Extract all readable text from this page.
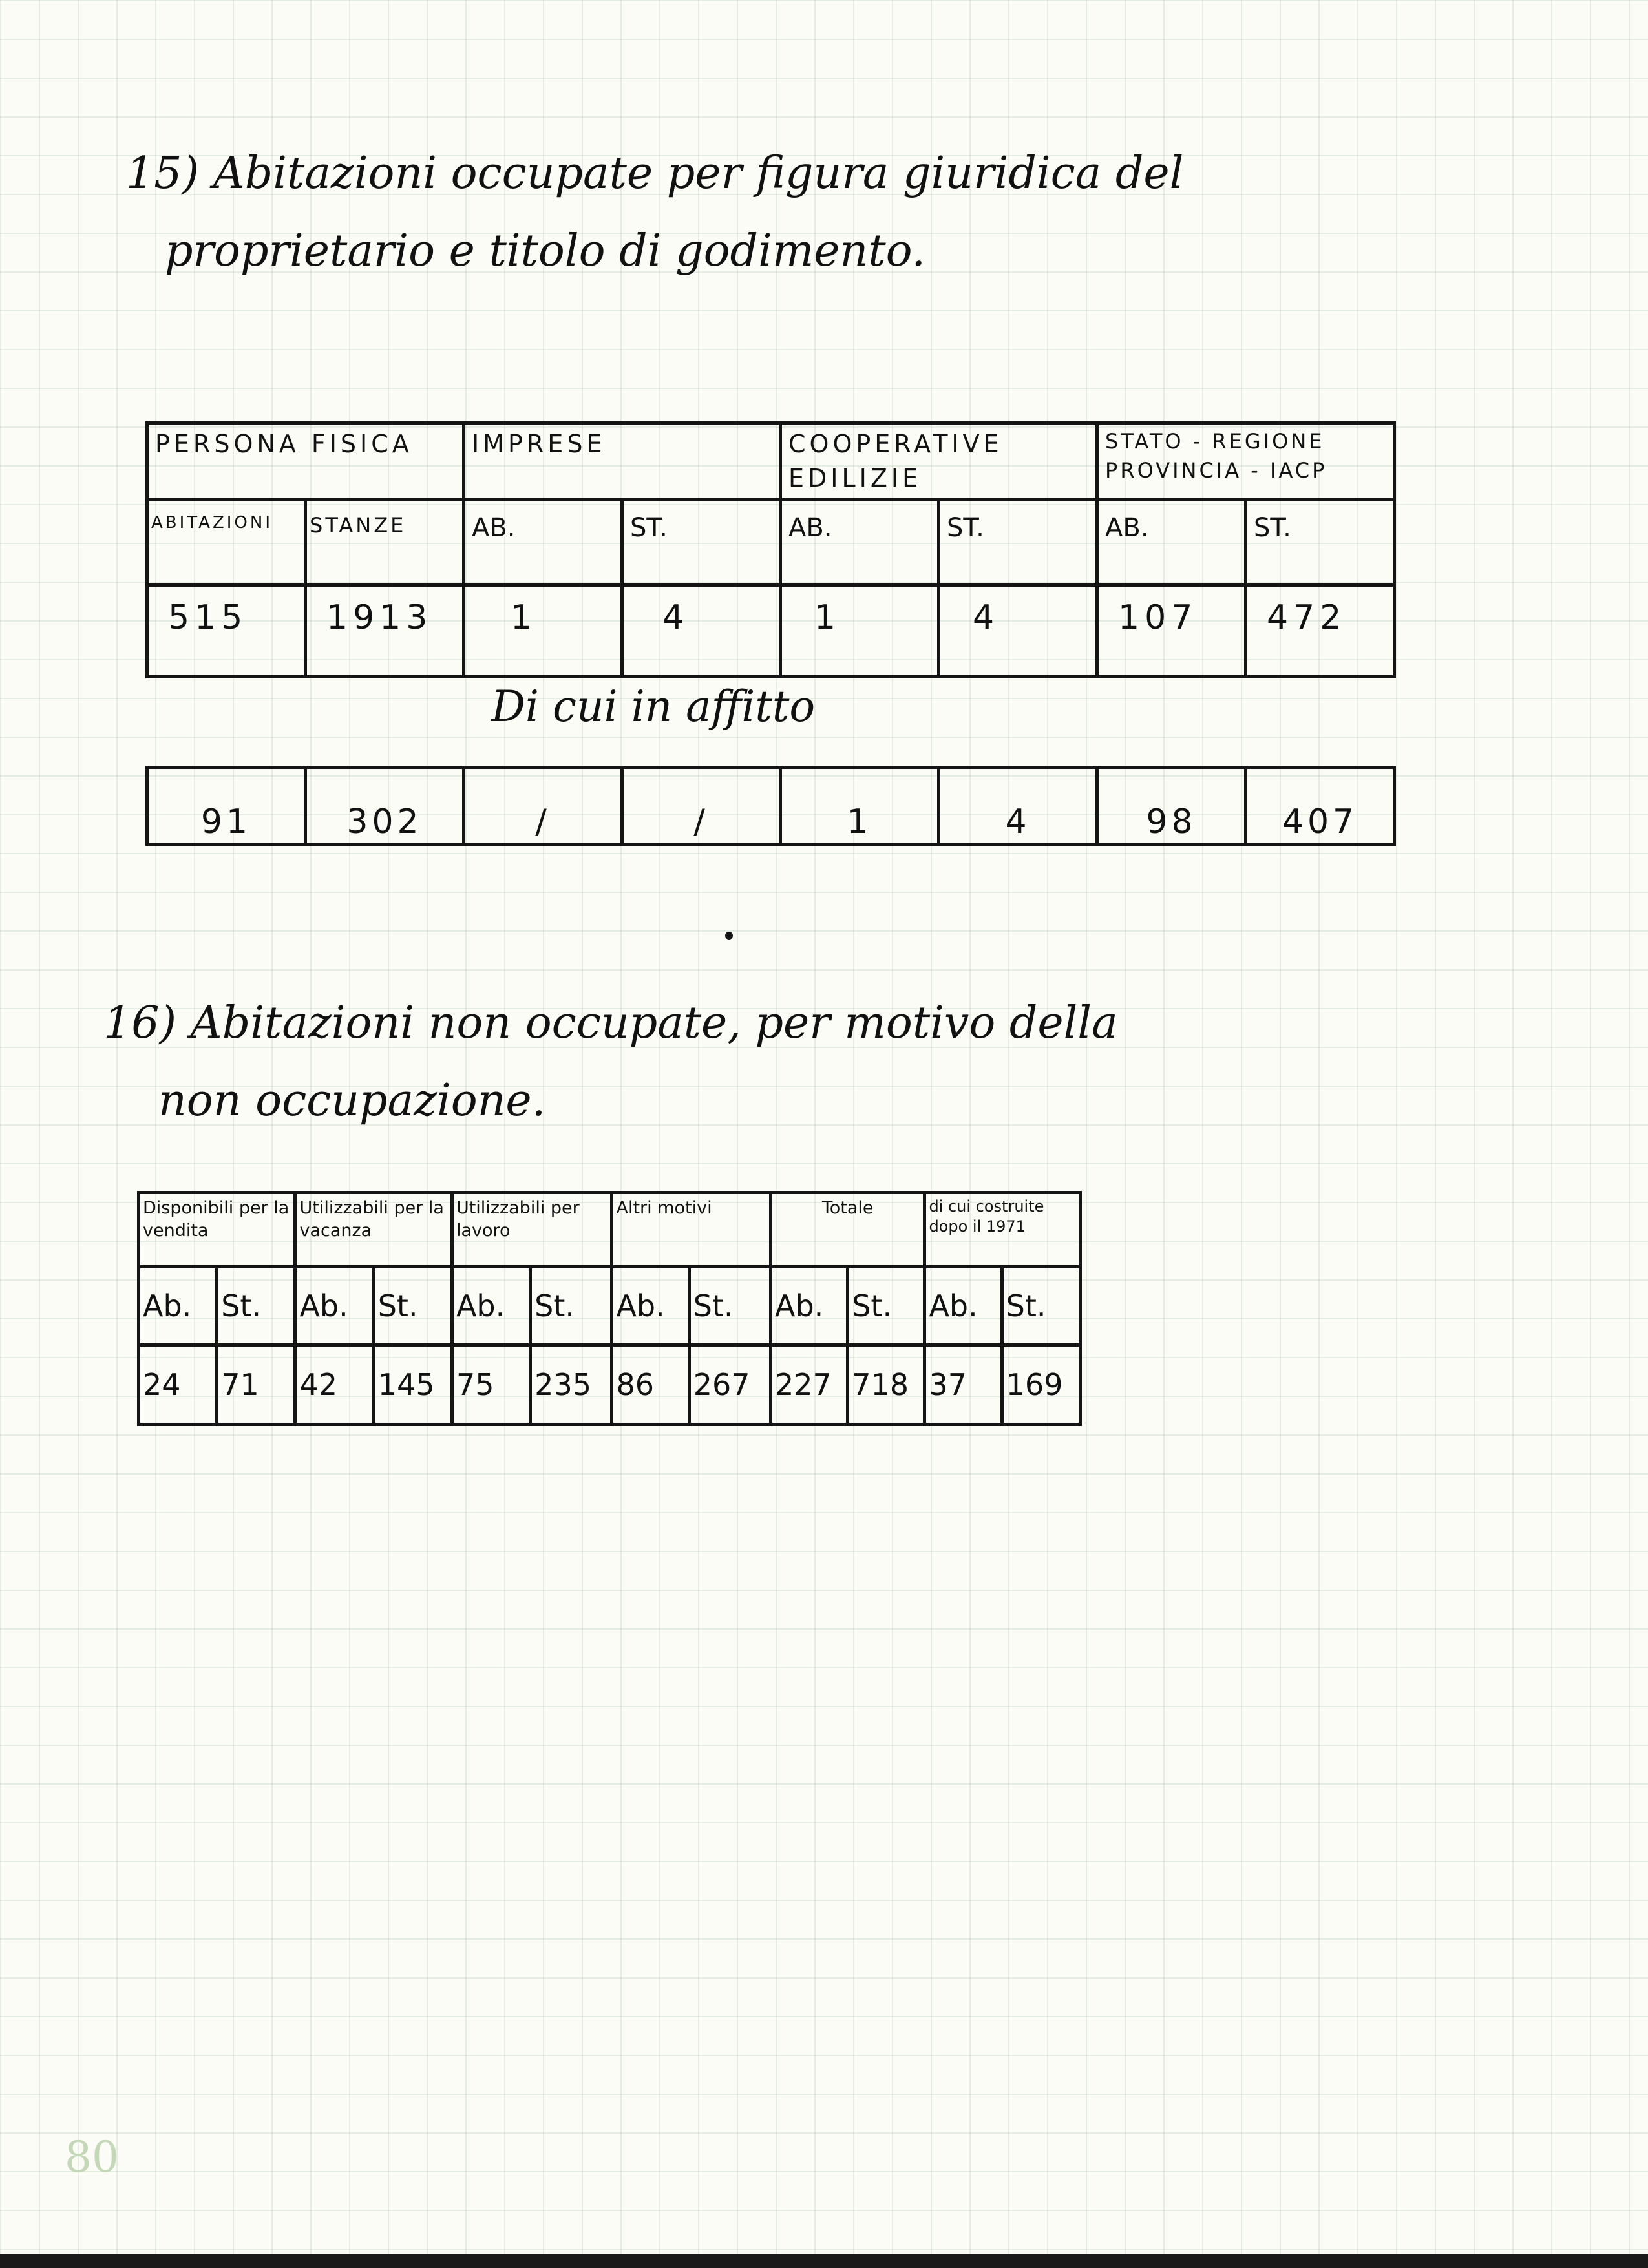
15) Abitazioni occupate per figura giuridica del

proprietario e titolo di godimento.

PERSONA FISICA		IMPRESE		COOPERATIVE EDILIZIE		STATO - REGIONE PROVINCIA - IACP	
ABITAZIONI	STANZE	AB.	ST.	AB.	ST.	AB.	ST.
515	1913	1	4	1	4	107	472

Di cui in affitto

91	302	/	/	1	4	98	407

16) Abitazioni non occupate, per motivo della

non occupazione.

Disponibili per la vendita		Utilizzabili per la vacanza		Utilizzabili per lavoro		Altri motivi		Totale		di cui costruite dopo il 1971	
Ab.	St.	Ab.	St.	Ab.	St.	Ab.	St.	Ab.	St.	Ab.	St.
24	71	42	145	75	235	86	267	227	718	37	169
80
